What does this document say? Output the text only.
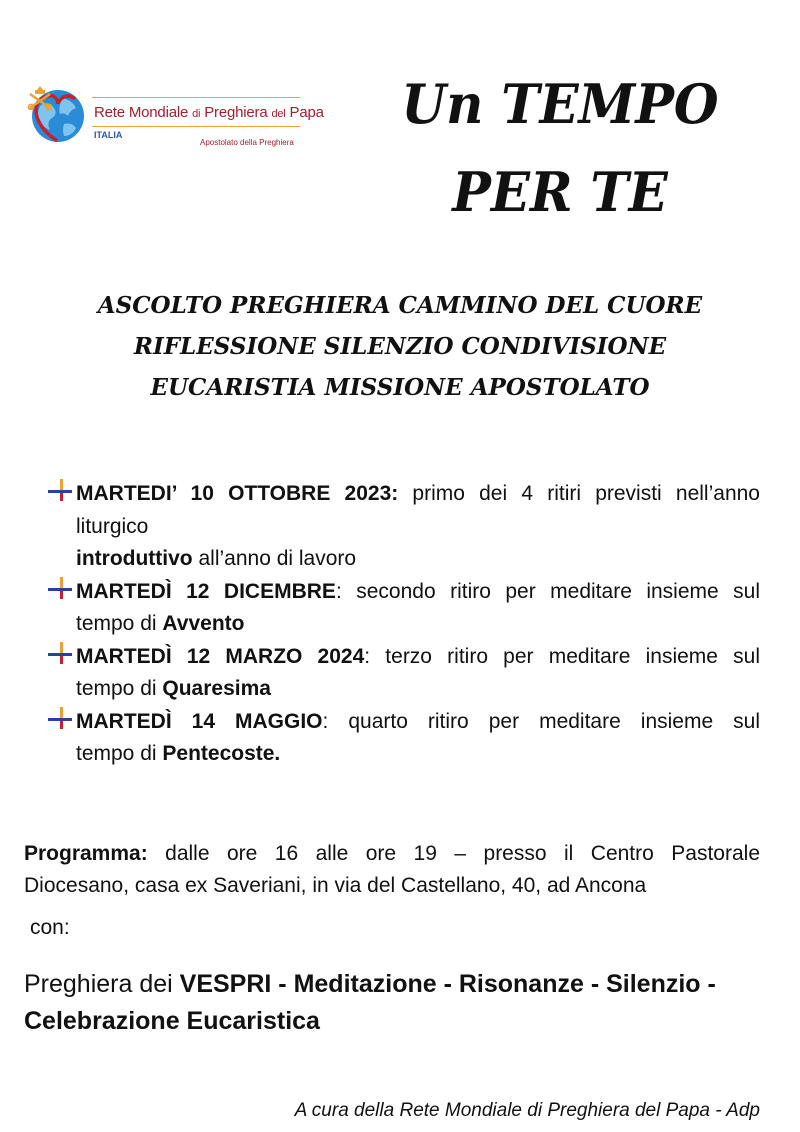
Rete Mondiale di Preghiera del Papa
ITALIA
Apostolato della Preghiera
Un TEMPO
PER TE
ASCOLTO PREGHIERA CAMMINO DEL CUORE
RIFLESSIONE SILENZIO CONDIVISIONE
EUCARISTIA MISSIONE APOSTOLATO
MARTEDI’ 10 OTTOBRE 2023: primo dei 4 ritiri previsti nell’anno
liturgico
introduttivo all’anno di lavoro
MARTEDÌ 12 DICEMBRE: secondo ritiro per meditare insieme sul
tempo di Avvento
MARTEDÌ 12 MARZO 2024: terzo ritiro per meditare insieme sul
tempo di Quaresima
MARTEDÌ 14 MAGGIO: quarto ritiro per meditare insieme sul
tempo di Pentecoste.
Programma: dalle ore 16 alle ore 19 – presso il Centro Pastorale
Diocesano, casa ex Saveriani, in via del Castellano, 40, ad Ancona
con:
Preghiera dei VESPRI - Meditazione - Risonanze - Silenzio -
Celebrazione Eucaristica
A cura della Rete Mondiale di Preghiera del Papa - Adp
